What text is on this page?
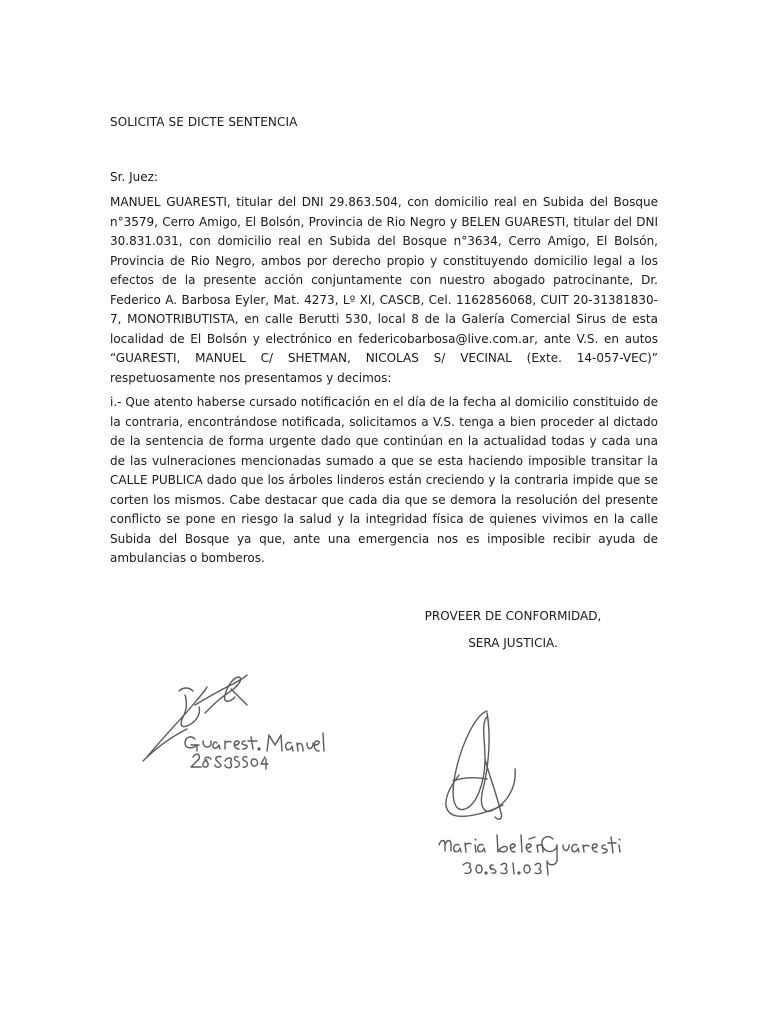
SOLICITA SE DICTE SENTENCIA
Sr. Juez:

MANUEL GUARESTI, titular del DNI 29.863.504, con domicilio real en Subida del Bosque n°3579, Cerro Amigo, El Bolsón, Provincia de Rio Negro y BELEN GUARESTI, titular del DNI 30.831.031, con domicilio real en Subida del Bosque n°3634, Cerro Amigo, El Bolsón, Provincia de Rio Negro, ambos por derecho propio y constituyendo domicilio legal a los efectos de la presente acción conjuntamente con nuestro abogado patrocinante, Dr. Federico A. Barbosa Eyler, Mat. 4273, Lº XI, CASCB, Cel. 1162856068, CUIT 20-31381830- 7, MONOTRIBUTISTA, en calle Berutti 530, local 8 de la Galería Comercial Sirus de esta localidad de El Bolsón y electrónico en federicobarbosa@live.com.ar, ante V.S. en autos “GUARESTI, MANUEL C/ SHETMAN, NICOLAS S/ VECINAL (Exte. 14-057-VEC)” respetuosamente nos presentamos y decimos:

i.- Que atento haberse cursado notificación en el día de la fecha al domicilio constituido de la contraria, encontrándose notificada, solicitamos a V.S. tenga a bien proceder al dictado de la sentencia de forma urgente dado que continúan en la actualidad todas y cada una de las vulneraciones mencionadas sumado a que se esta haciendo imposible transitar la CALLE PUBLICA dado que los árboles linderos están creciendo y la contraria impide que se corten los mismos. Cabe destacar que cada dia que se demora la resolución del presente conflicto se pone en riesgo la salud y la integridad física de quienes vivimos en la calle Subida del Bosque ya que, ante una emergencia nos es imposible recibir ayuda de ambulancias o bomberos.

PROVEER DE CONFORMIDAD,
SERA JUSTICIA.
